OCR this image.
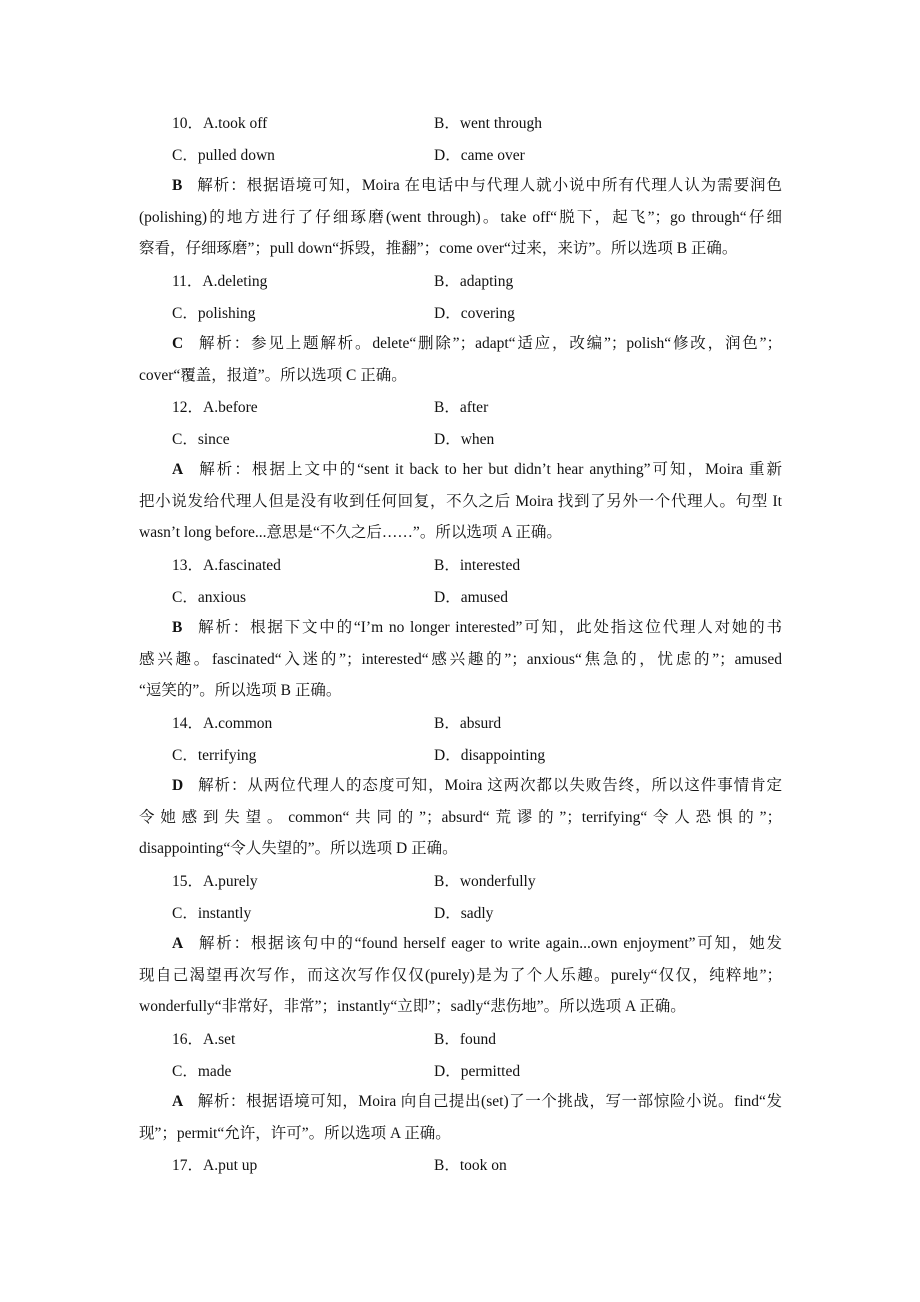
10．A.took off	B．went through
C．pulled down	D．came over
B 解析：根据语境可知，Moira 在电话中与代理人就小说中所有代理人认为需要润色
(polishing)的地方进行了仔细琢磨(went through)。take off“脱下，起飞”；go through“仔细
察看，仔细琢磨”；pull down“拆毁，推翻”；come over“过来，来访”。所以选项 B 正确。
11．A.deleting	B．adapting
C．polishing	D．covering
C 解析：参见上题解析。delete“删除”；adapt“适应，改编”；polish“修改，润色”；
cover“覆盖，报道”。所以选项 C 正确。
12．A.before	B．after
C．since	D．when
A 解析：根据上文中的“sent it back to her but didn’t hear anything”可知，Moira 重新
把小说发给代理人但是没有收到任何回复，不久之后 Moira 找到了另外一个代理人。句型 It
wasn’t long before...意思是“不久之后……”。所以选项 A 正确。
13．A.fascinated	B．interested
C．anxious	D．amused
B 解析：根据下文中的“I’m no longer interested”可知，此处指这位代理人对她的书
感兴趣。fascinated“入迷的”；interested“感兴趣的”；anxious“焦急的，忧虑的”；amused
“逗笑的”。所以选项 B 正确。
14．A.common	B．absurd
C．terrifying	D．disappointing
D 解析：从两位代理人的态度可知，Moira 这两次都以失败告终，所以这件事情肯定
令她感到失望。common“共同的”；absurd“荒谬的”；terrifying“令人恐惧的”；
disappointing“令人失望的”。所以选项 D 正确。
15．A.purely	B．wonderfully
C．instantly	D．sadly
A 解析：根据该句中的“found herself eager to write again...own enjoyment”可知，她发
现自己渴望再次写作，而这次写作仅仅(purely)是为了个人乐趣。purely“仅仅，纯粹地”；
wonderfully“非常好，非常”；instantly“立即”；sadly“悲伤地”。所以选项 A 正确。
16．A.set	B．found
C．made	D．permitted
A 解析：根据语境可知，Moira 向自己提出(set)了一个挑战，写一部惊险小说。find“发
现”；permit“允许，许可”。所以选项 A 正确。
17．A.put up	B．took on
